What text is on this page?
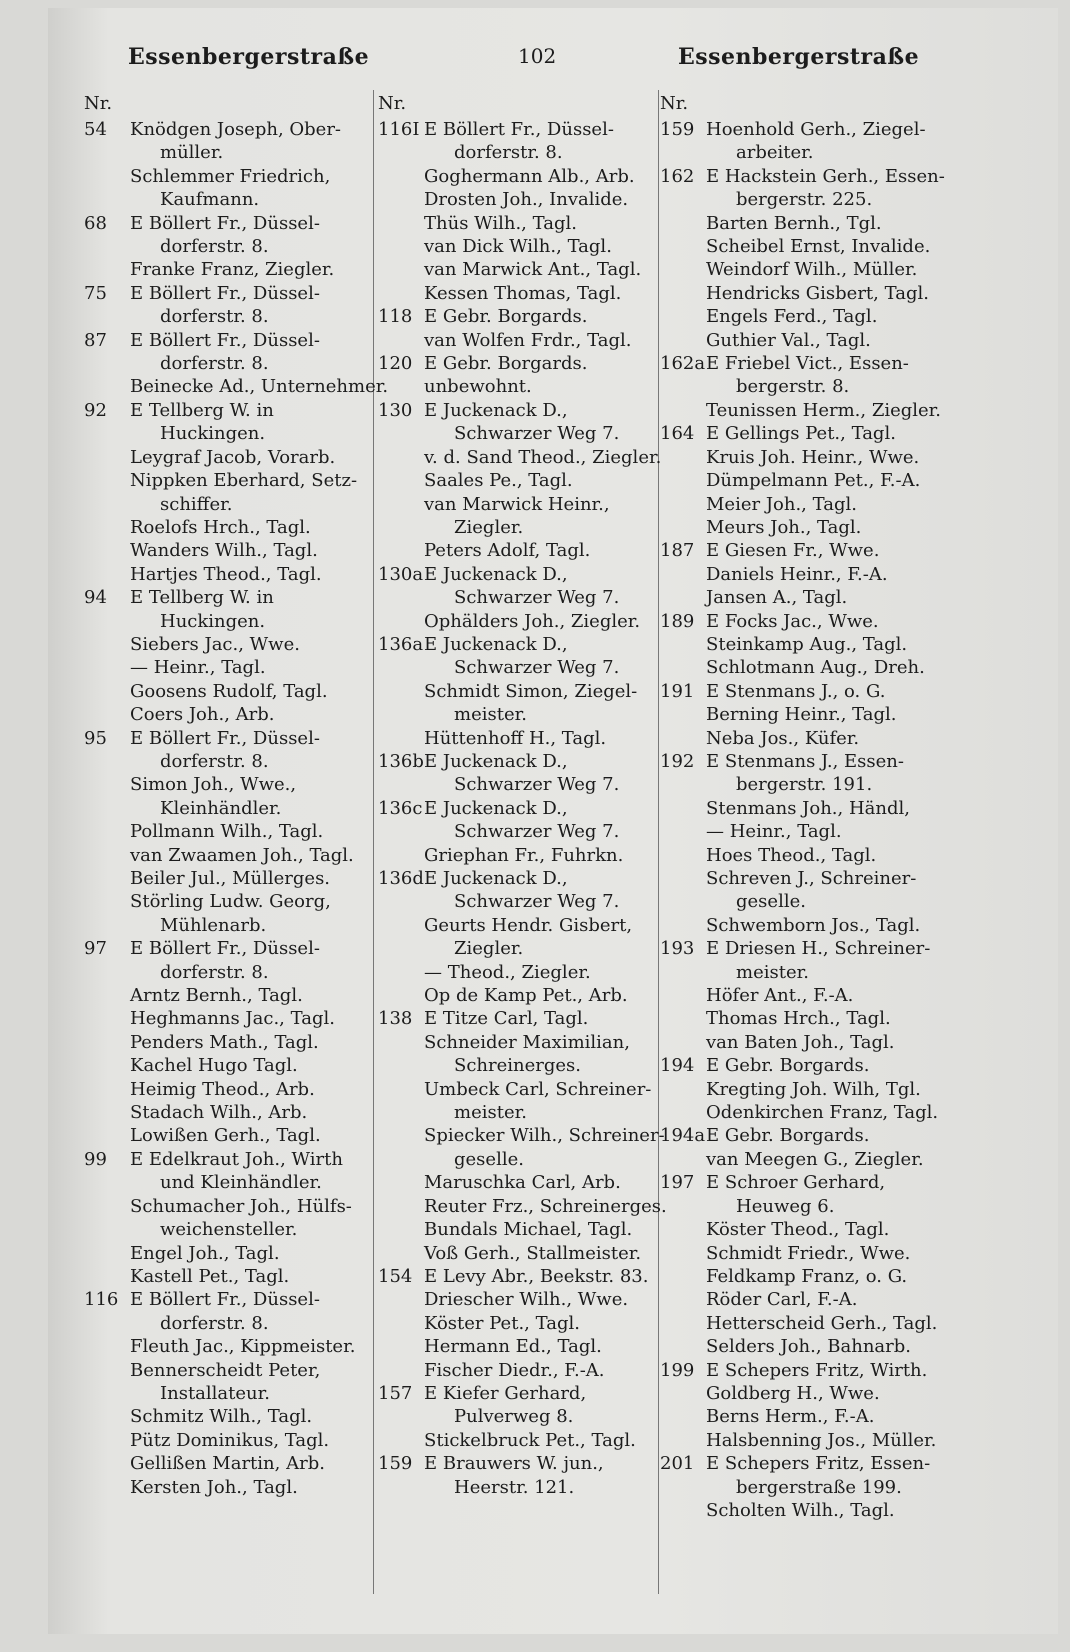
Essenbergerstraße	102	Essenbergerstraße
Nr.
54	Knödgen Joseph, Ober-
müller.
Schlemmer Friedrich,
Kaufmann.
68	E Böllert Fr., Düssel-
dorferstr. 8.
Franke Franz, Ziegler.
75	E Böllert Fr., Düssel-
dorferstr. 8.
87	E Böllert Fr., Düssel-
dorferstr. 8.
Beinecke Ad., Unternehmer.
92	E Tellberg W. in
Huckingen.
Leygraf Jacob, Vorarb.
Nippken Eberhard, Setz-
schiffer.
Roelofs Hrch., Tagl.
Wanders Wilh., Tagl.
Hartjes Theod., Tagl.
94	E Tellberg W. in
Huckingen.
Siebers Jac., Wwe.
— Heinr., Tagl.
Goosens Rudolf, Tagl.
Coers Joh., Arb.
95	E Böllert Fr., Düssel-
dorferstr. 8.
Simon Joh., Wwe.,
Kleinhändler.
Pollmann Wilh., Tagl.
van Zwaamen Joh., Tagl.
Beiler Jul., Müllerges.
Störling Ludw. Georg,
Mühlenarb.
97	E Böllert Fr., Düssel-
dorferstr. 8.
Arntz Bernh., Tagl.
Heghmanns Jac., Tagl.
Penders Math., Tagl.
Kachel Hugo Tagl.
Heimig Theod., Arb.
Stadach Wilh., Arb.
Lowißen Gerh., Tagl.
99	E Edelkraut Joh., Wirth
und Kleinhändler.
Schumacher Joh., Hülfs-
weichensteller.
Engel Joh., Tagl.
Kastell Pet., Tagl.
116 E Böllert Fr., Düssel-
dorferstr. 8.
Fleuth Jac., Kippmeister.
Bennerscheidt Peter,
Installateur.
Schmitz Wilh., Tagl.
Pütz Dominikus, Tagl.
Gellißen Martin, Arb.
Kersten Joh., Tagl.
Nr.
116I E Böllert Fr., Düssel-
dorferstr. 8.
Goghermann Alb., Arb.
Drosten Joh., Invalide.
Thüs Wilh., Tagl.
van Dick Wilh., Tagl.
van Marwick Ant., Tagl.
Kessen Thomas, Tagl.
118 E Gebr. Borgards.
van Wolfen Frdr., Tagl.
120 E Gebr. Borgards.
unbewohnt.
130 E Juckenack D.,
Schwarzer Weg 7.
v. d. Sand Theod., Ziegler.
Saales Pe., Tagl.
van Marwick Heinr.,
Ziegler.
Peters Adolf, Tagl.
130a E Juckenack D.,
Schwarzer Weg 7.
Ophälders Joh., Ziegler.
136a E Juckenack D.,
Schwarzer Weg 7.
Schmidt Simon, Ziegel-
meister.
Hüttenhoff H., Tagl.
136b E Juckenack D.,
Schwarzer Weg 7.
136c E Juckenack D.,
Schwarzer Weg 7.
Griephan Fr., Fuhrkn.
136d E Juckenack D.,
Schwarzer Weg 7.
Geurts Hendr. Gisbert,
Ziegler.
— Theod., Ziegler.
Op de Kamp Pet., Arb.
138 E Titze Carl, Tagl.
Schneider Maximilian,
Schreinerges.
Umbeck Carl, Schreiner-
meister.
Spiecker Wilh., Schreiner-
geselle.
Maruschka Carl, Arb.
Reuter Frz., Schreinerges.
Bundals Michael, Tagl.
Voß Gerh., Stallmeister.
154 E Levy Abr., Beekstr. 83.
Driescher Wilh., Wwe.
Köster Pet., Tagl.
Hermann Ed., Tagl.
Fischer Diedr., F.-A.
157 E Kiefer Gerhard,
Pulverweg 8.
Stickelbruck Pet., Tagl.
159 E Brauwers W. jun.,
Heerstr. 121.
Nr.
159 Hoenhold Gerh., Ziegel-
arbeiter.
162 E Hackstein Gerh., Essen-
bergerstr. 225.
Barten Bernh., Tgl.
Scheibel Ernst, Invalide.
Weindorf Wilh., Müller.
Hendricks Gisbert, Tagl.
Engels Ferd., Tagl.
Guthier Val., Tagl.
162a E Friebel Vict., Essen-
bergerstr. 8.
Teunissen Herm., Ziegler.
164 E Gellings Pet., Tagl.
Kruis Joh. Heinr., Wwe.
Dümpelmann Pet., F.-A.
Meier Joh., Tagl.
Meurs Joh., Tagl.
187 E Giesen Fr., Wwe.
Daniels Heinr., F.-A.
Jansen A., Tagl.
189 E Focks Jac., Wwe.
Steinkamp Aug., Tagl.
Schlotmann Aug., Dreh.
191 E Stenmans J., o. G.
Berning Heinr., Tagl.
Neba Jos., Küfer.
192 E Stenmans J., Essen-
bergerstr. 191.
Stenmans Joh., Händl,
— Heinr., Tagl.
Hoes Theod., Tagl.
Schreven J., Schreiner-
geselle.
Schwemborn Jos., Tagl.
193 E Driesen H., Schreiner-
meister.
Höfer Ant., F.-A.
Thomas Hrch., Tagl.
van Baten Joh., Tagl.
194 E Gebr. Borgards.
Kregting Joh. Wilh, Tgl.
Odenkirchen Franz, Tagl.
194a E Gebr. Borgards.
van Meegen G., Ziegler.
197 E Schroer Gerhard,
Heuweg 6.
Köster Theod., Tagl.
Schmidt Friedr., Wwe.
Feldkamp Franz, o. G.
Röder Carl, F.-A.
Hetterscheid Gerh., Tagl.
Selders Joh., Bahnarb.
199 E Schepers Fritz, Wirth.
Goldberg H., Wwe.
Berns Herm., F.-A.
Halsbenning Jos., Müller.
201 E Schepers Fritz, Essen-
bergerstraße 199.
Scholten Wilh., Tagl.
